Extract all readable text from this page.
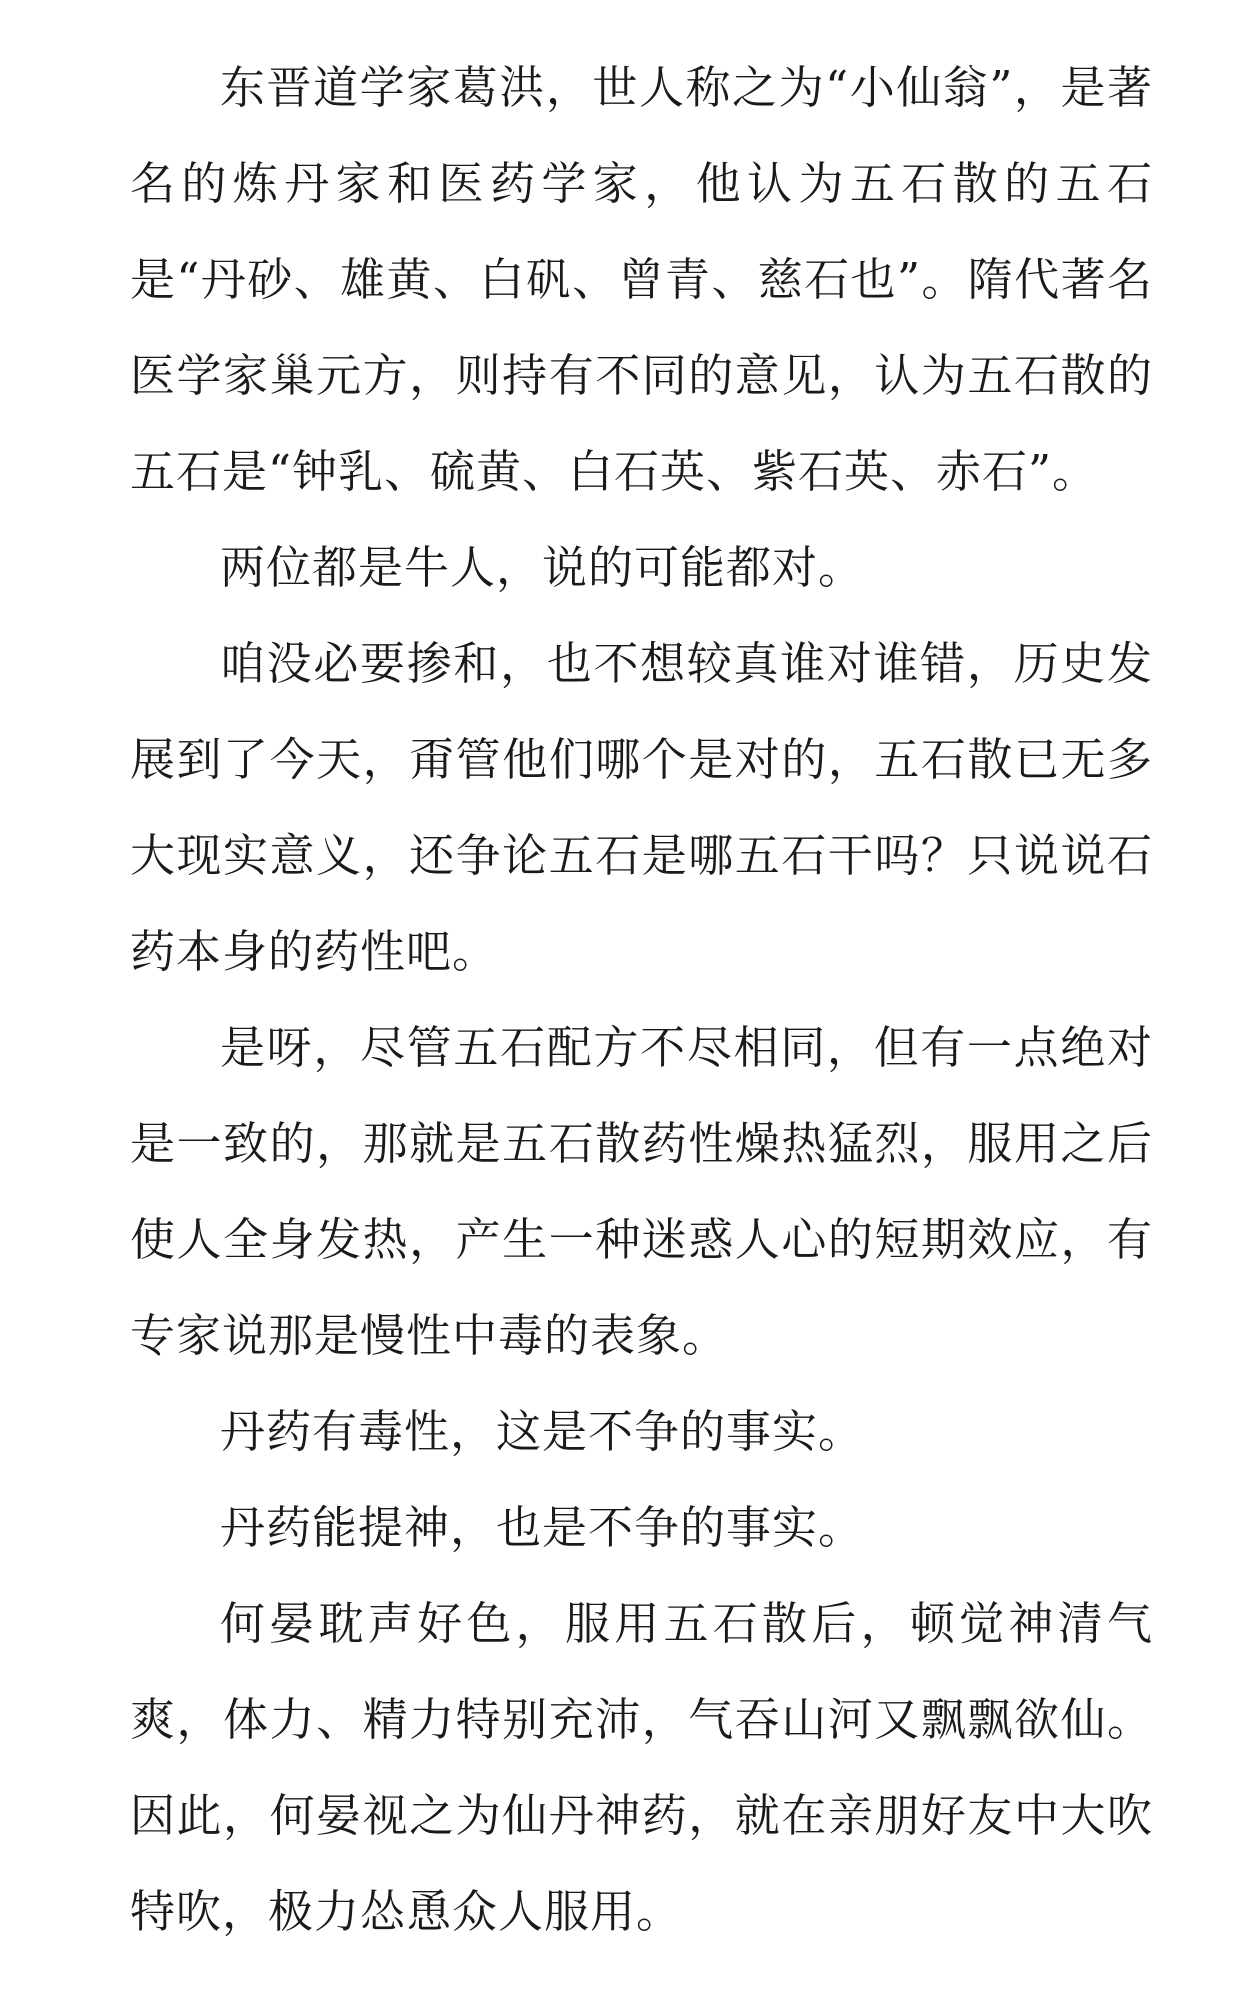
东晋道学家葛洪，世人称之为“小仙翁”，是著名的炼丹家和医药学家，他认为五石散的五石是“丹砂、雄黄、白矾、曾青、慈石也”。隋代著名医学家巢元方，则持有不同的意见，认为五石散的五石是“钟乳、硫黄、白石英、紫石英、赤石”。

两位都是牛人，说的可能都对。

咱没必要掺和，也不想较真谁对谁错，历史发展到了今天，甭管他们哪个是对的，五石散已无多大现实意义，还争论五石是哪五石干吗？只说说石药本身的药性吧。

是呀，尽管五石配方不尽相同，但有一点绝对是一致的，那就是五石散药性燥热猛烈，服用之后使人全身发热，产生一种迷惑人心的短期效应，有专家说那是慢性中毒的表象。

丹药有毒性，这是不争的事实。

丹药能提神，也是不争的事实。

何晏耽声好色，服用五石散后，顿觉神清气爽，体力、精力特别充沛，气吞山河又飘飘欲仙。因此，何晏视之为仙丹神药，就在亲朋好友中大吹特吹，极力怂恿众人服用。
